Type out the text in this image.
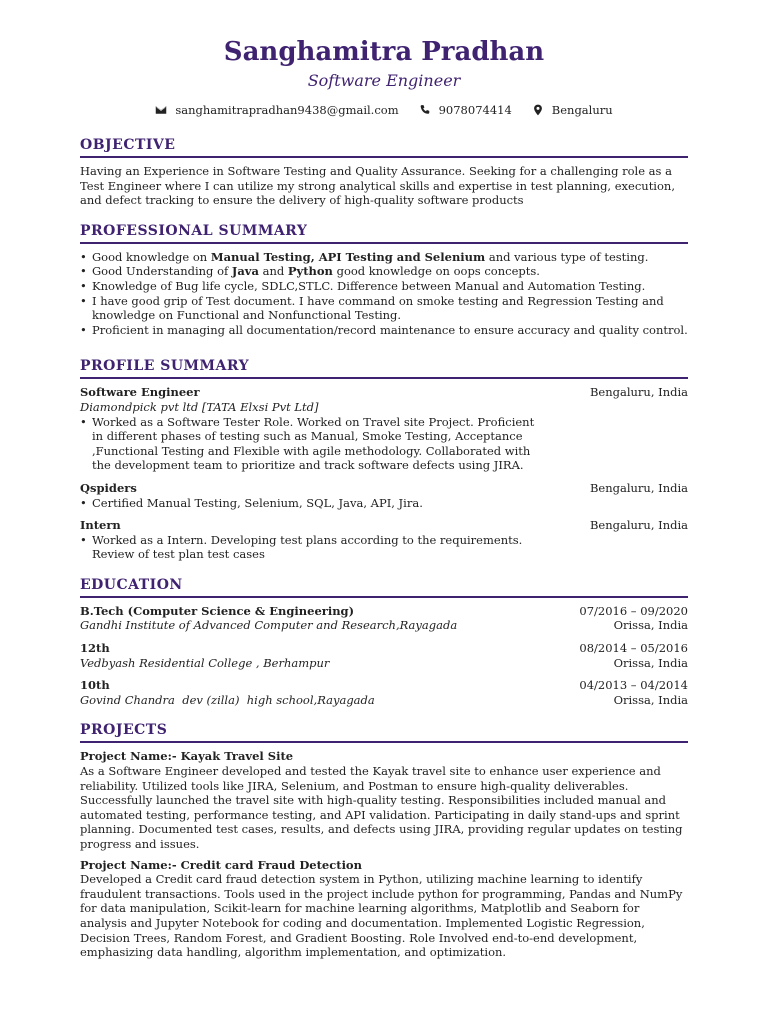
Sanghamitra Pradhan
Software Engineer
sanghamitrapradhan9438@gmail.com	9078074414	Bengaluru
OBJECTIVE
Having an Experience in Software Testing and Quality Assurance. Seeking for a challenging role as a Test Engineer where I can utilize my strong analytical skills and expertise in test planning, execution, and defect tracking to ensure the delivery of high-quality software products
PROFESSIONAL SUMMARY
• Good knowledge on Manual Testing, API Testing and Selenium and various type of testing.
• Good Understanding of Java and Python good knowledge on oops concepts.
• Knowledge of Bug life cycle, SDLC,STLC. Difference between Manual and Automation Testing.
• I have good grip of Test document. I have command on smoke testing and Regression Testing and knowledge on Functional and Nonfunctional Testing.
• Proficient in managing all documentation/record maintenance to ensure accuracy and quality control.
PROFILE SUMMARY
Software Engineer	Bengaluru, India
Diamondpick pvt ltd [TATA Elxsi Pvt Ltd]
• Worked as a Software Tester Role. Worked on Travel site Project. Proficient in different phases of testing such as Manual, Smoke Testing, Acceptance ,Functional Testing and Flexible with agile methodology. Collaborated with the development team to prioritize and track software defects using JIRA.
Qspiders	Bengaluru, India
• Certified Manual Testing, Selenium, SQL, Java, API, Jira.
Intern	Bengaluru, India
• Worked as a Intern. Developing test plans according to the requirements. Review of test plan test cases
EDUCATION
B.Tech (Computer Science & Engineering)	07/2016 – 09/2020
Gandhi Institute of Advanced Computer and Research,Rayagada	Orissa, India
12th	08/2014 – 05/2016
Vedbyash Residential College , Berhampur	Orissa, India
10th	04/2013 – 04/2014
Govind Chandra  dev (zilla)  high school,Rayagada	Orissa, India
PROJECTS
Project Name:- Kayak Travel Site
As a Software Engineer developed and tested the Kayak travel site to enhance user experience and reliability. Utilized tools like JIRA, Selenium, and Postman to ensure high-quality deliverables. Successfully launched the travel site with high-quality testing. Responsibilities included manual and automated testing, performance testing, and API validation. Participating in daily stand-ups and sprint planning. Documented test cases, results, and defects using JIRA, providing regular updates on testing progress and issues.
Project Name:- Credit card Fraud Detection
Developed a Credit card fraud detection system in Python, utilizing machine learning to identify fraudulent transactions. Tools used in the project include python for programming, Pandas and NumPy for data manipulation, Scikit-learn for machine learning algorithms, Matplotlib and Seaborn for analysis and Jupyter Notebook for coding and documentation. Implemented Logistic Regression, Decision Trees, Random Forest, and Gradient Boosting. Role Involved end-to-end development, emphasizing data handling, algorithm implementation, and optimization.
